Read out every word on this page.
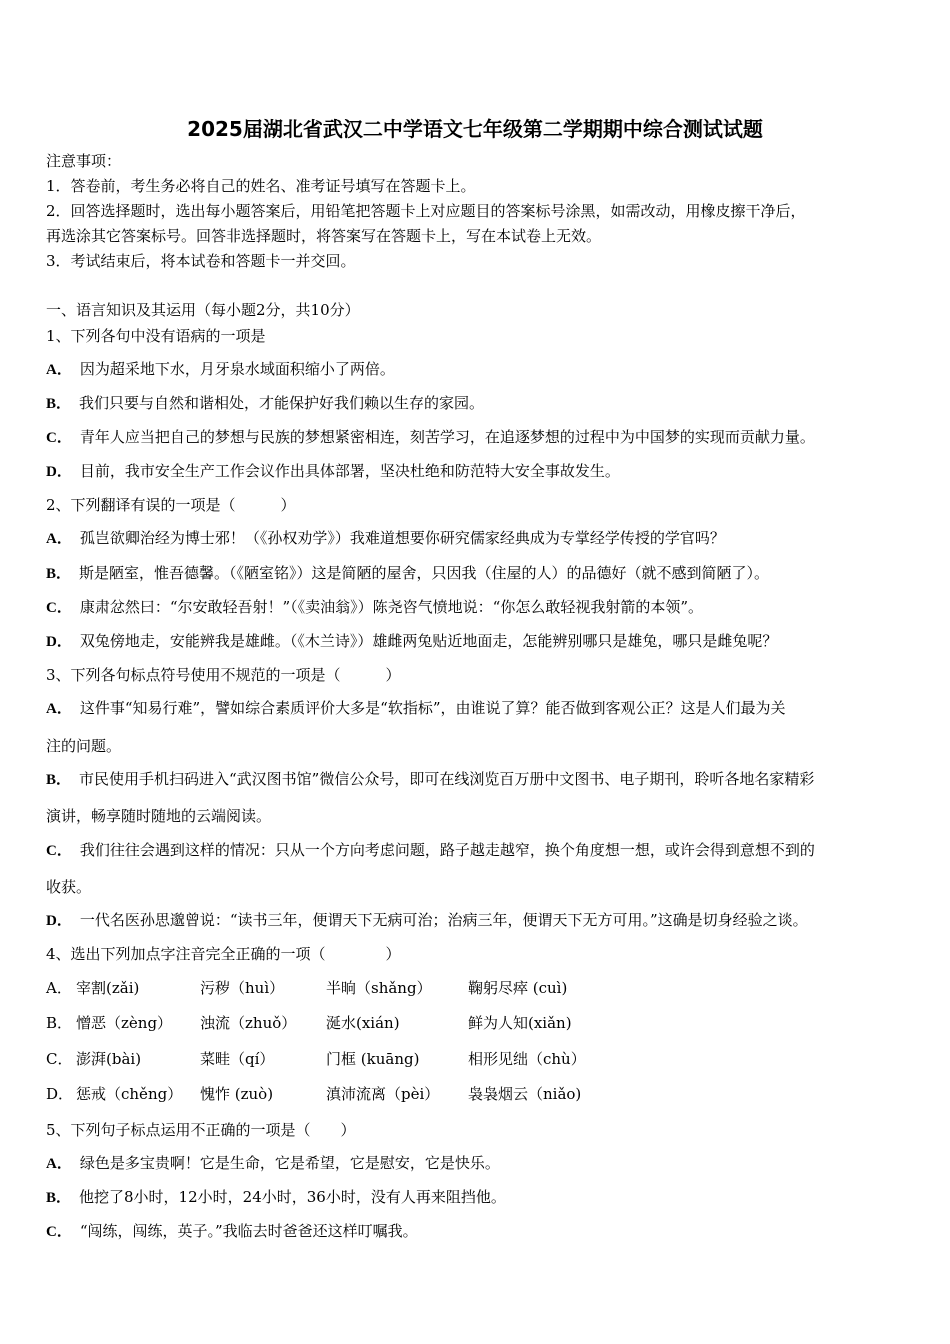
2025届湖北省武汉二中学语文七年级第二学期期中综合测试试题
注意事项：
1．答卷前，考生务必将自己的姓名、准考证号填写在答题卡上。
2．回答选择题时，选出每小题答案后，用铅笔把答题卡上对应题目的答案标号涂黑，如需改动，用橡皮擦干净后，
再选涂其它答案标号。回答非选择题时，将答案写在答题卡上，写在本试卷上无效。
3．考试结束后，将本试卷和答题卡一并交回。
一、语言知识及其运用（每小题2分，共10分）
1、下列各句中没有语病的一项是
A． 因为超采地下水，月牙泉水域面积缩小了两倍。
B． 我们只要与自然和谐相处，才能保护好我们赖以生存的家园。
C． 青年人应当把自己的梦想与民族的梦想紧密相连，刻苦学习，在追逐梦想的过程中为中国梦的实现而贡献力量。
D． 目前，我市安全生产工作会议作出具体部署，坚决杜绝和防范特大安全事故发生。
2、下列翻译有误的一项是（　　　）
A． 孤岂欲卿治经为博士邪！（《孙权劝学》）我难道想要你研究儒家经典成为专掌经学传授的学官吗？
B． 斯是陋室，惟吾德馨。（《陋室铭》）这是简陋的屋舍，只因我（住屋的人）的品德好（就不感到简陋了）。
C． 康肃忿然曰：“尔安敢轻吾射！”（《卖油翁》）陈尧咨气愤地说：“你怎么敢轻视我射箭的本领”。
D． 双兔傍地走，安能辨我是雄雌。（《木兰诗》）雄雌两兔贴近地面走，怎能辨别哪只是雄兔，哪只是雌兔呢？
3、下列各句标点符号使用不规范的一项是（　　　）
A． 这件事“知易行难”，譬如综合素质评价大多是“软指标”，由谁说了算？能否做到客观公正？这是人们最为关
注的问题。
B． 市民使用手机扫码进入“武汉图书馆”微信公众号，即可在线浏览百万册中文图书、电子期刊，聆听各地名家精彩
演讲，畅享随时随地的云端阅读。
C． 我们往往会遇到这样的情况：只从一个方向考虑问题，路子越走越窄，换个角度想一想，或许会得到意想不到的
收获。
D． 一代名医孙思邈曾说：“读书三年，便谓天下无病可治；治病三年，便谓天下无方可用。”这确是切身经验之谈。
4、选出下列加点字注音完全正确的一项（　　　　）
A． 宰割(zǎi)	污秽（huì）	半晌（shǎng） 鞠躬尽瘁 (cuì)
B． 憎恶（zèng） 浊流（zhuǒ） 涎水(xián)	鲜为人知(xiǎn)
C． 澎湃(bài)	菜畦（qí）	门框 (kuāng)	相形见绌（chù）
D． 惩戒（chěng） 愧怍 (zuò)	滇沛流离（pèi） 袅袅烟云（niǎo)
5、下列句子标点运用不正确的一项是（　　）
A． 绿色是多宝贵啊！它是生命，它是希望，它是慰安，它是快乐。
B． 他挖了8小时，12小时，24小时，36小时，没有人再来阻挡他。
C． “闯练，闯练，英子。”我临去时爸爸还这样叮嘱我。
